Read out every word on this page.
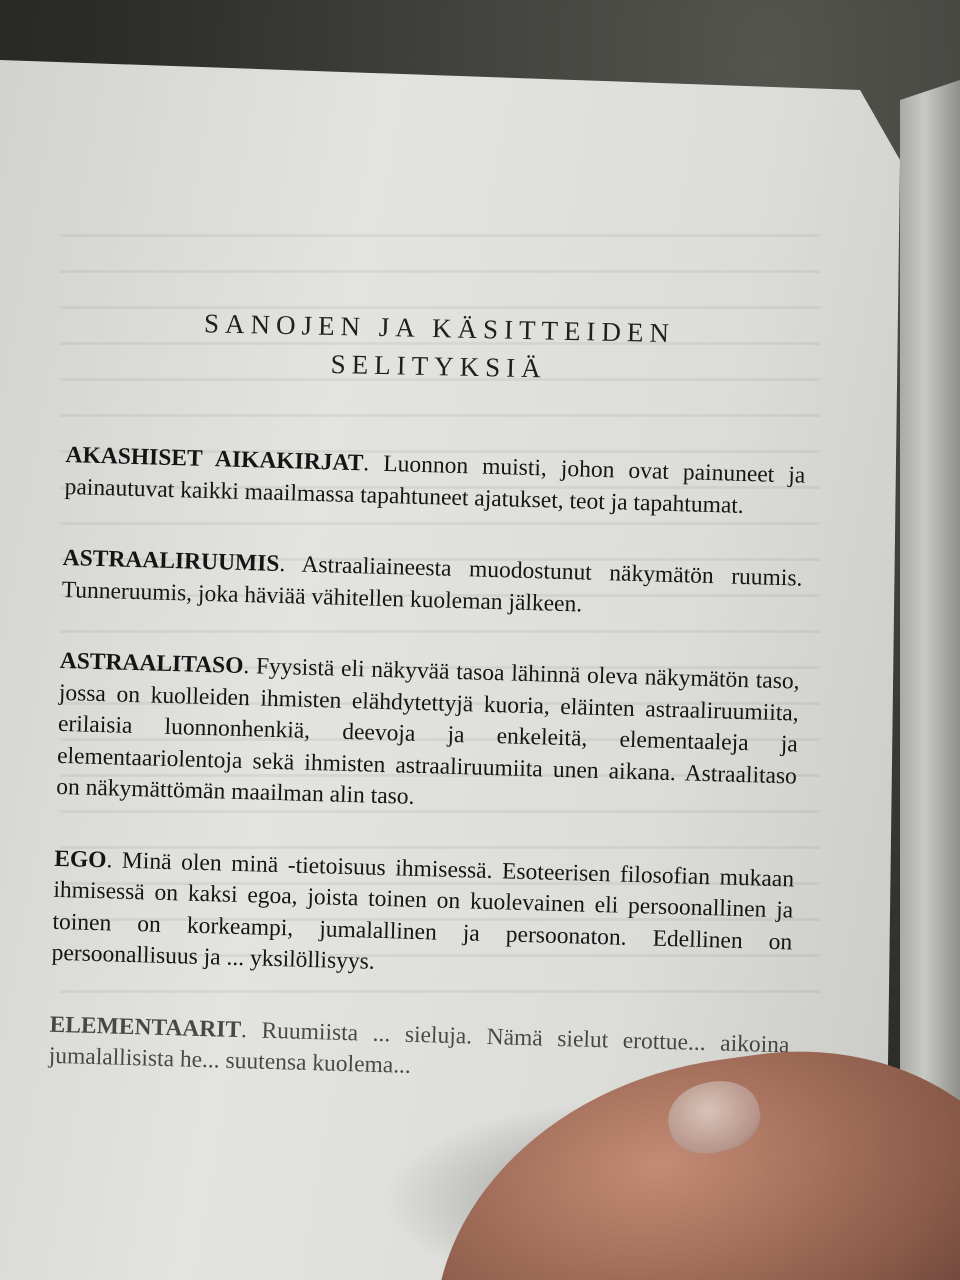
SANOJEN JA KÄSITTEIDEN
SELITYKSIÄ

AKASHISET AIKAKIRJAT. Luonnon muisti, johon ovat painuneet ja painautuvat kaikki maailmassa tapahtuneet ajatukset, teot ja tapahtumat.

ASTRAALIRUUMIS. Astraaliaineesta muodostunut näkymätön ruumis. Tunneruumis, joka häviää vähitellen kuoleman jälkeen.

ASTRAALITASO. Fyysistä eli näkyvää tasoa lähinnä oleva näkymätön taso, jossa on kuolleiden ihmisten elähdytettyjä kuoria, eläinten astraaliruumiita, erilaisia luonnonhenkiä, deevoja ja enkeleitä, elementaaleja ja elementaariolentoja sekä ihmisten astraaliruumiita unen aikana. Astraalitaso on näkymättömän maailman alin taso.

EGO. Minä olen minä -tietoisuus ihmisessä. Esoteerisen filosofian mukaan ihmisessä on kaksi egoa, joista toinen on kuolevainen eli persoonallinen ja toinen on korkeampi, jumalallinen ja persoonaton. Edellinen on persoonallisuus ja ... yksilöllisyys.

ELEMENTAARIT. Ruumiista ... sieluja. Nämä sielut erottue... aikoina jumalallisista he... suutensa kuolema...
